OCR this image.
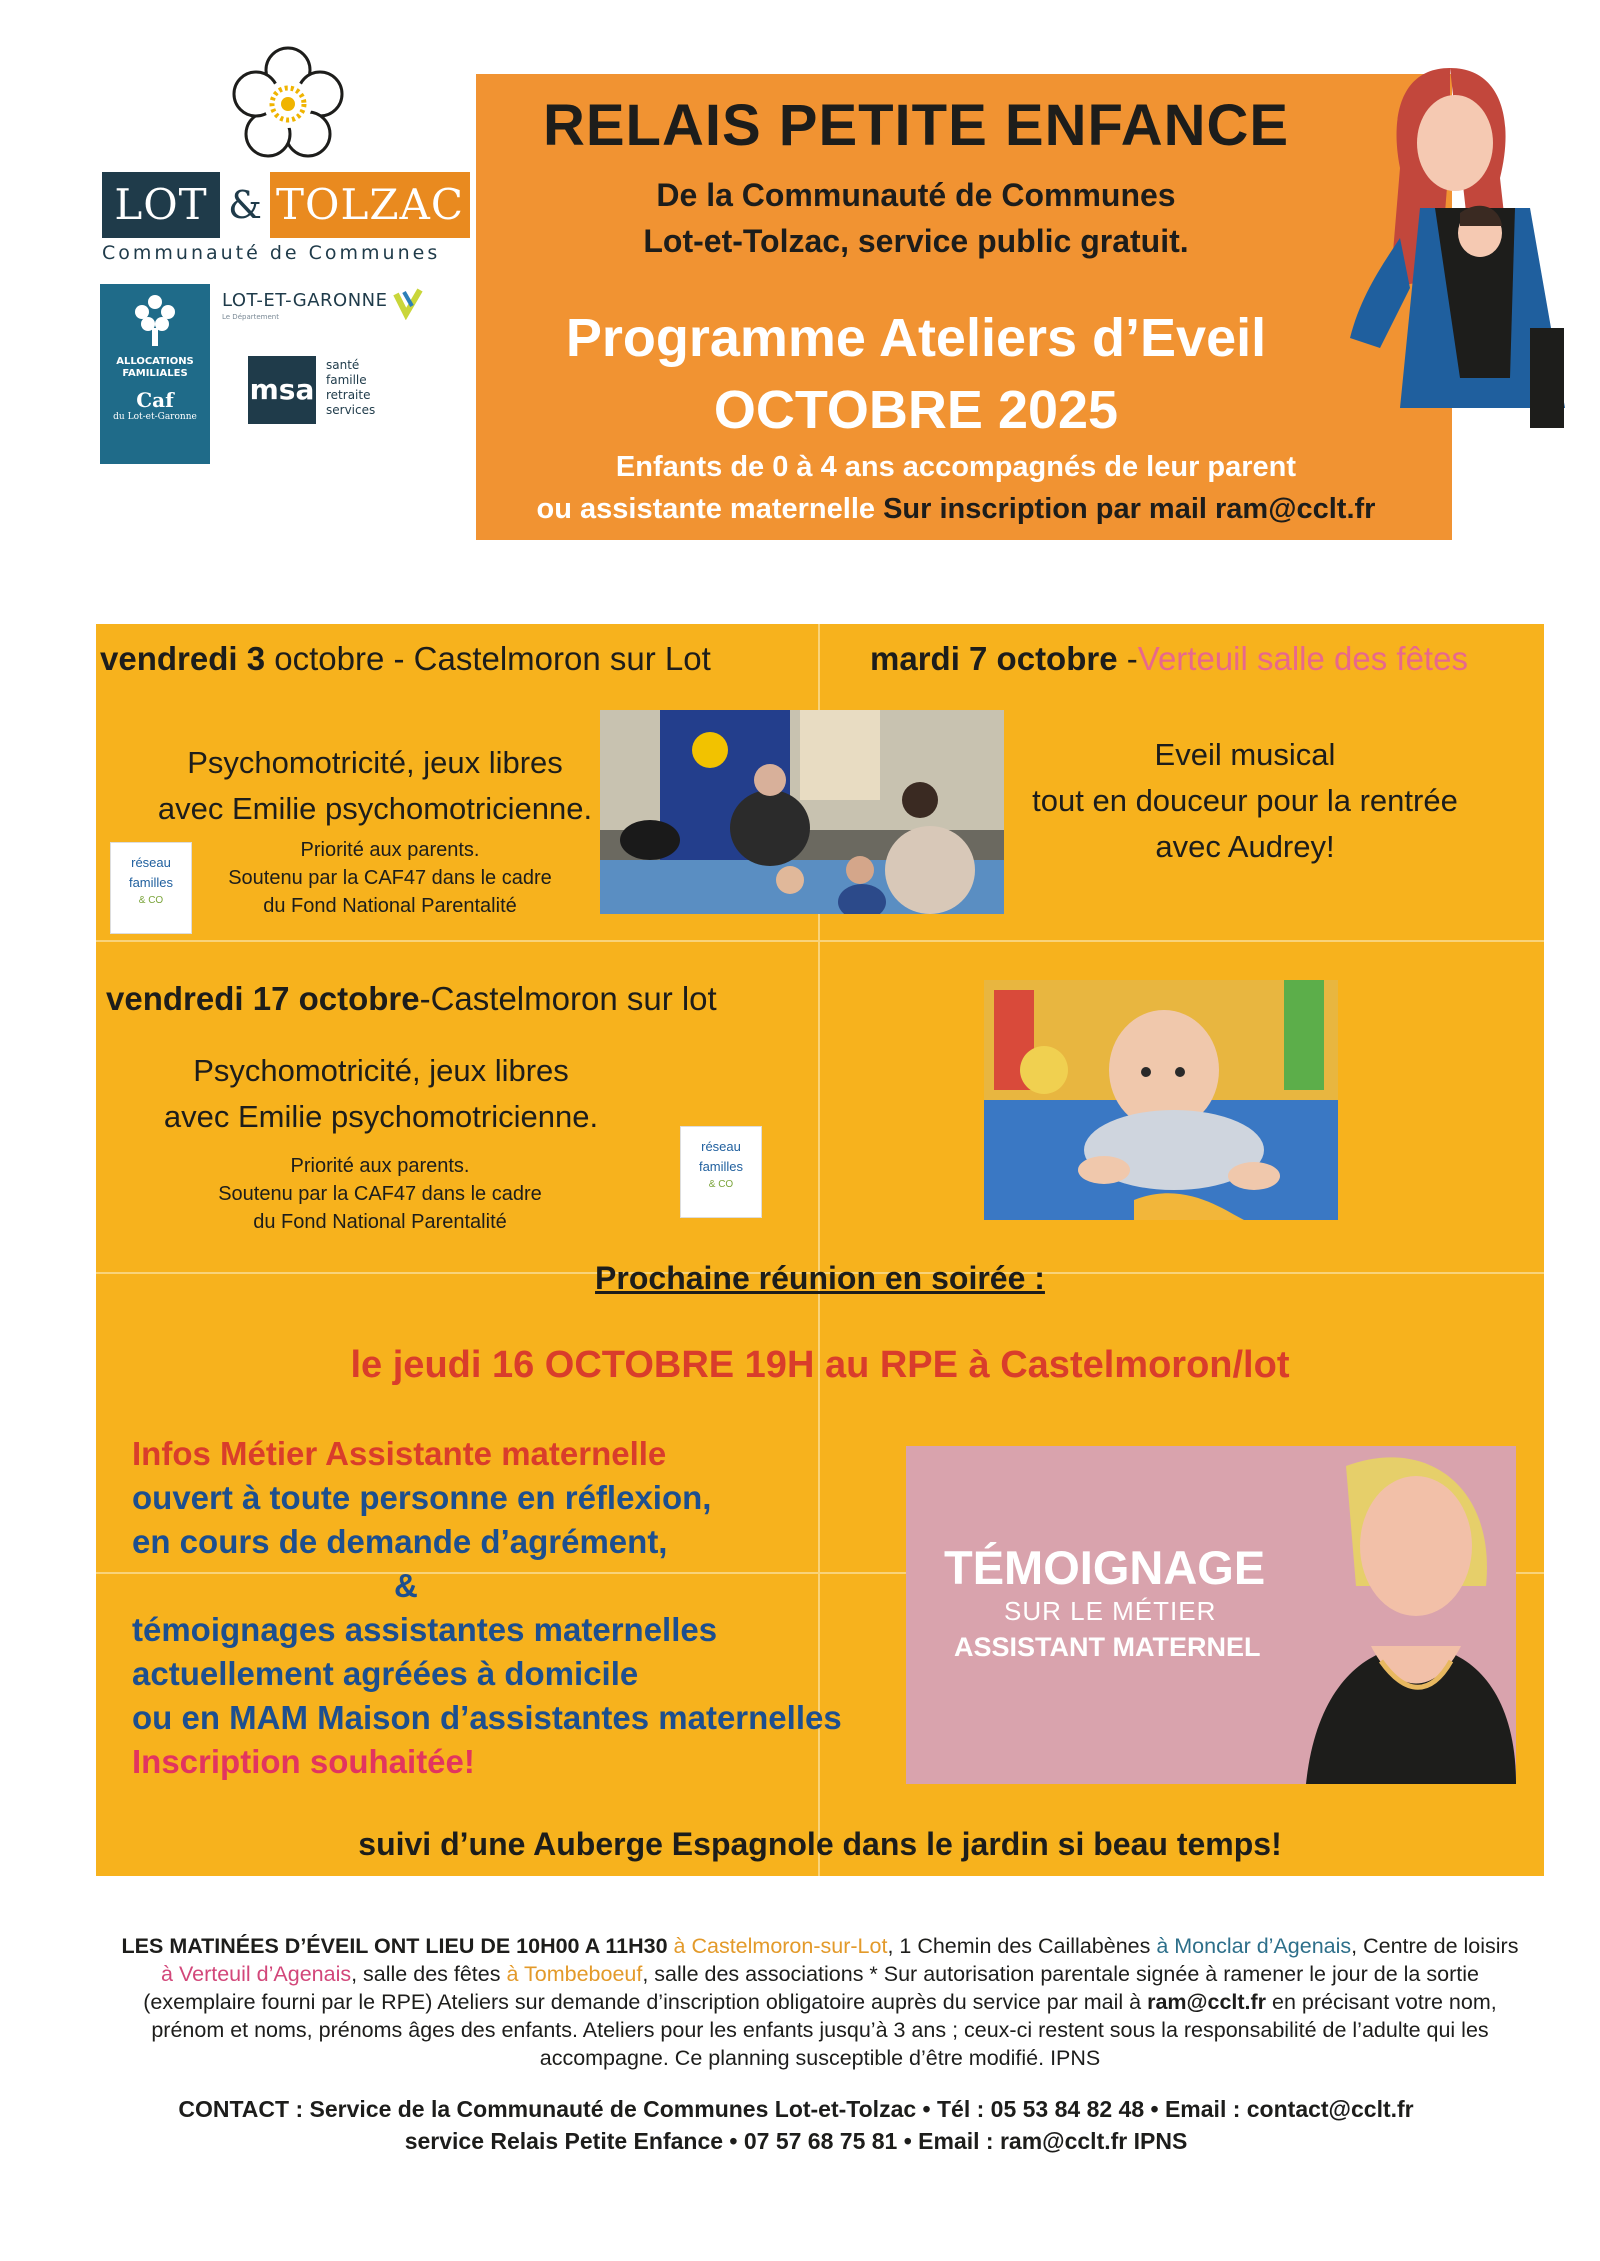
LOT & TOLZAC
Communauté de Communes
ALLOCATIONS FAMILIALES
Caf
du Lot-et-Garonne
LOT-ET-GARONNE
Le Département
msa
santé
famille
retraite
services
RELAIS PETITE ENFANCE
De la Communauté de Communes
Lot-et-Tolzac, service public gratuit.
Programme Ateliers d’Eveil
OCTOBRE 2025
Enfants de 0 à 4 ans accompagnés de leur parent
ou assistante maternelle Sur inscription par mail ram@cclt.fr
vendredi 3 octobre - Castelmoron sur Lot
Psychomotricité, jeux libres
avec Emilie psychomotricienne.
Priorité aux parents.
Soutenu par la CAF47 dans le cadre
du Fond National Parentalité
réseau
familles
& CO
mardi 7 octobre -Verteuil salle des fêtes
Eveil musical
tout en douceur pour la rentrée
avec Audrey!
vendredi 17 octobre-Castelmoron sur lot
Psychomotricité, jeux libres
avec Emilie psychomotricienne.
Priorité aux parents.
Soutenu par la CAF47 dans le cadre
du Fond National Parentalité
réseau
familles
& CO
Prochaine réunion en soirée :
le jeudi 16 OCTOBRE 19H au RPE à Castelmoron/lot
Infos Métier Assistante maternelle
ouvert à toute personne en réflexion,
en cours de demande d’agrément,
&
témoignages assistantes maternelles
actuellement agréées à domicile
ou en MAM Maison d’assistantes maternelles
Inscription souhaitée!
TÉMOIGNAGE
SUR LE MÉTIER
ASSISTANT MATERNEL
suivi d’une Auberge Espagnole dans le jardin si beau temps!
LES MATINÉES D’ÉVEIL ONT LIEU DE 10H00 A 11H30 à Castelmoron-sur-Lot, 1 Chemin des Caillabènes à Monclar d’Agenais, Centre de loisirs à Verteuil d’Agenais, salle des fêtes à Tombeboeuf, salle des associations * Sur autorisation parentale signée à ramener le jour de la sortie (exemplaire fourni par le RPE) Ateliers sur demande d’inscription obligatoire auprès du service par mail à ram@cclt.fr en précisant votre nom, prénom et noms, prénoms âges des enfants. Ateliers pour les enfants jusqu’à 3 ans ; ceux-ci restent sous la responsabilité de l’adulte qui les accompagne. Ce planning susceptible d’être modifié. IPNS
CONTACT : Service de la Communauté de Communes Lot-et-Tolzac • Tél : 05 53 84 82 48 • Email : contact@cclt.fr
service Relais Petite Enfance • 07 57 68 75 81 • Email : ram@cclt.fr IPNS
